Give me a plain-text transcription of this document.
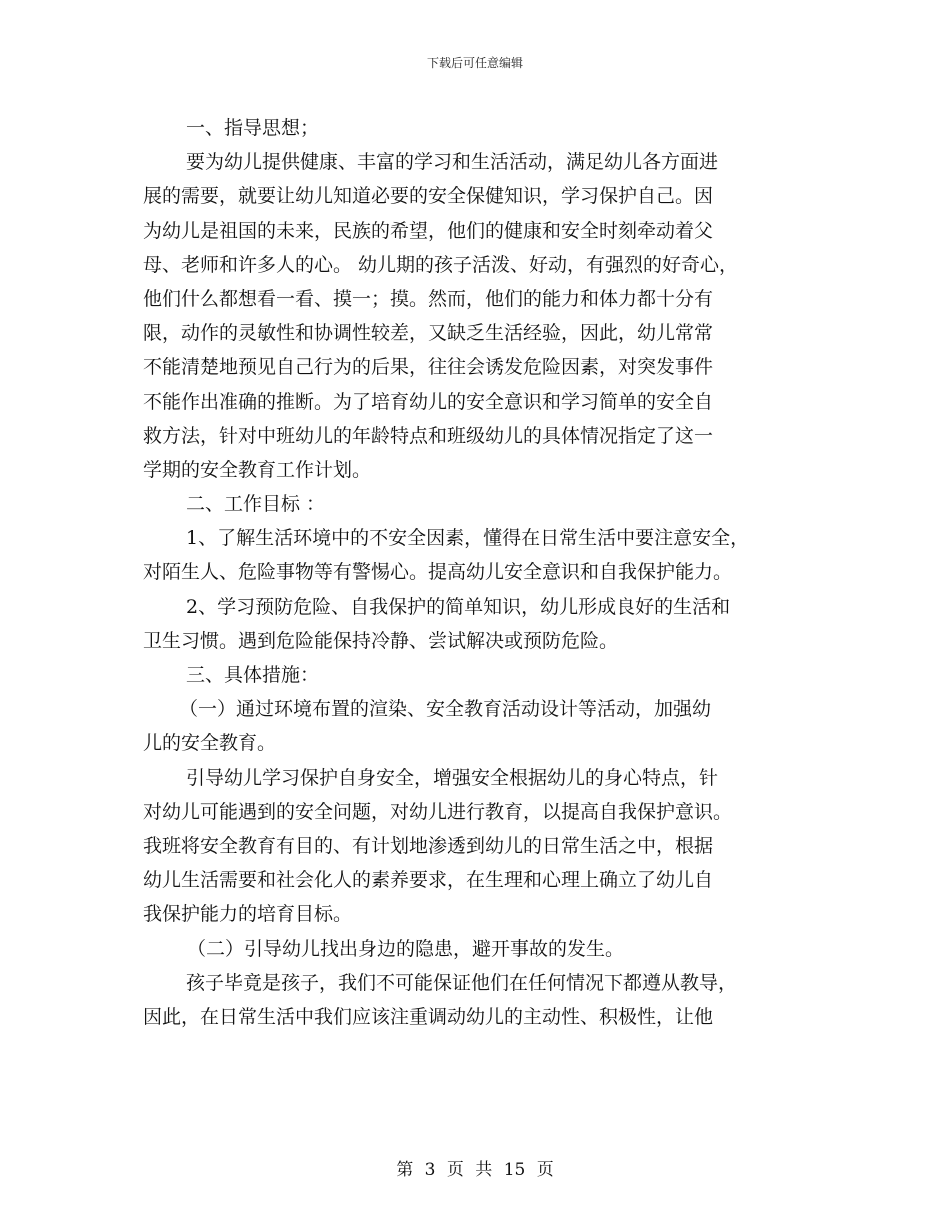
下载后可任意编辑
一、指导思想；
要为幼儿提供健康、丰富的学习和生活活动，满足幼儿各方面进
展的需要，就要让幼儿知道必要的安全保健知识，学习保护自己。因
为幼儿是祖国的未来，民族的希望，他们的健康和安全时刻牵动着父
母、老师和许多人的心。 幼儿期的孩子活泼、好动，有强烈的好奇心，
他们什么都想看一看、摸一；摸。然而，他们的能力和体力都十分有
限，动作的灵敏性和协调性较差，又缺乏生活经验，因此，幼儿常常
不能清楚地预见自己行为的后果，往往会诱发危险因素，对突发事件
不能作出准确的推断。为了培育幼儿的安全意识和学习简单的安全自
救方法，针对中班幼儿的年龄特点和班级幼儿的具体情况指定了这一
学期的安全教育工作计划。
二、工作目标 ：
1、了解生活环境中的不安全因素，懂得在日常生活中要注意安全，
对陌生人、危险事物等有警惕心。提高幼儿安全意识和自我保护能力。
2、学习预防危险、自我保护的简单知识，幼儿形成良好的生活和
卫生习惯。遇到危险能保持冷静、尝试解决或预防危险。
三、具体措施：
（一）通过环境布置的渲染、安全教育活动设计等活动，加强幼
儿的安全教育。
引导幼儿学习保护自身安全，增强安全根据幼儿的身心特点，针
对幼儿可能遇到的安全问题，对幼儿进行教育，以提高自我保护意识。
我班将安全教育有目的、有计划地渗透到幼儿的日常生活之中，根据
幼儿生活需要和社会化人的素养要求，在生理和心理上确立了幼儿自
我保护能力的培育目标。
（二）引导幼儿找出身边的隐患，避开事故的发生。
孩子毕竟是孩子，我们不可能保证他们在任何情况下都遵从教导，
因此，在日常生活中我们应该注重调动幼儿的主动性、积极性，让他
第 3 页 共 15 页
